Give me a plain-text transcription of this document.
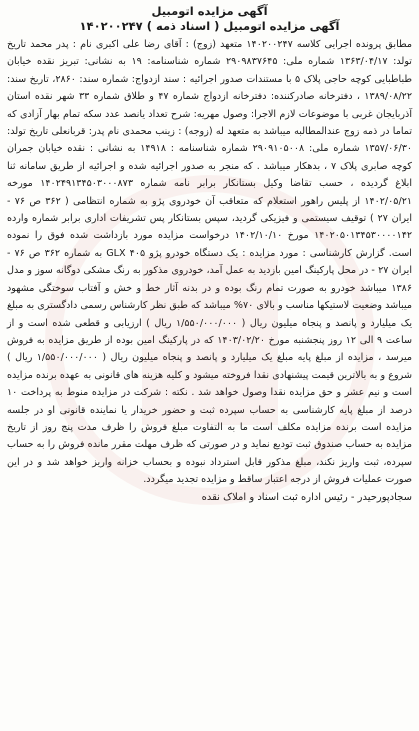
آگهی مزایده اتومبیل

آگهی مزایده اتومبیل ( اسناد ذمه ) ۱۴۰۲۰۰۲۴۷

مطابق پرونده اجرایی کلاسه ۱۴۰۲۰۰۲۴۷ متعهد (زوج) : آقای رضا علی اکبری نام : پدر محمد تاریخ تولد: ۱۳۶۳/۰۴/۱۷ شماره ملی: ۲۹۰۹۸۳۷۶۴۵ شماره شناسنامه: ۱۹ به نشانی: تبریز نقده خیابان طباطبایی کوچه حاجی پلاک ۵ با مستندات صدور اجرائیه : سند ازدواج: شماره سند: ۲۸۶۰، تاریخ سند: ۱۳۸۹/۰۸/۲۲ ، دفترخانه صادرکننده: دفترخانه ازدواج شماره ۴۷ و طلاق شماره ۳۳ شهر نقده استان آذربایجان غربی با موضوعات لازم الاجرا: وصول مهریه: شرح تعداد یانصد عدد سکه تمام بهار آزادی که تماما در ذمه زوج عندالمطالبه میباشد به متعهد له (زوجه) : زینب محمدی نام پدر: قربانعلی تاریخ تولد: ۱۳۵۷/۰۶/۳۰ شماره ملی: ۲۹۰۹۱۰۵۰۰۸ شماره شناسنامه : ۱۴۹۱۸ به نشانی : نقده خیابان جمران کوچه صابری پلاک ۷ ، بدهکار میباشد . که منجر به صدور اجرائیه شده و اجرائیه از طریق سامانه ثنا ابلاغ گردیده ، حسب تقاضا وکیل بستانکار برابر نامه شماره ۱۴۰۲۴۹۱۳۴۵۰۳۰۰۰۸۷۳ مورخه ۱۴۰۲/۰۵/۲۱ از پلیس راهور استعلام که متعاقب آن خودروی پژو به شماره انتظامی ( ۳۶۲ ص ۷۶ - ایران ۲۷ ) توقیف سیستمی و فیزیکی گردید، سپس بستانکار پس تشریفات اداری برابر شماره وارده ۱۴۰۲۰۵۰۱۳۴۵۳۰۰۰۰۱۴۲ مورخ ۱۴۰۲/۱۰/۱۰ درخواست مزایده مورد بازداشت شده فوق را نموده است. گزارش کارشناسی : مورد مزایده : یک دستگاه خودرو پژو ۴۰۵ GLX به شماره ۳۶۲ ص ۷۶ - ایران ۲۷ - در محل پارکینگ امین بازدید به عمل آمد، خودروی مذکور به رنگ مشکی دوگانه سوز و مدل ۱۳۸۶ میباشد خودرو به صورت تمام رنگ بوده و در بدنه آثار خط و خش و آفتاب سوختگی مشهود میباشد وضعیت لاستیکها مناسب و بالای ۷۰% میباشد که طبق نظر کارشناس رسمی دادگستری به مبلغ یک میلیارد و پانصد و پنجاه میلیون ریال ( ۱/۵۵۰/۰۰۰/۰۰۰ ریال ) ارزیابی و قطعی شده است و از ساعت ۹ الی ۱۲ روز پنجشنبه مورخ ۱۴۰۳/۰۲/۲۰ که در پارکینگ امین بوده از طریق مزایده به فروش میرسد ، مزایده از مبلغ پایه مبلغ یک میلیارد و پانصد و پنجاه میلیون ریال ( ۱/۵۵۰/۰۰۰/۰۰۰ ریال ) شروع و به بالاترین قیمت پیشنهادی نقدا فروخته میشود و کلیه هزینه های قانونی به عهده برنده مزایده است و نیم عشر و حق مزایده نقدا وصول خواهد شد . نکته : شرکت در مزایده منوط به پرداخت ۱۰ درصد از مبلغ پایه کارشناسی به حساب سپرده ثبت و حضور خریدار یا نماینده قانونی او در جلسه مزایده است برنده مزایده مکلف است ما به التفاوت مبلغ فروش را ظرف مدت پنج روز از تاریخ مزایده به حساب صندوق ثبت تودیع نماید و در صورتی که ظرف مهلت مقرر مانده فروش را به حساب سپرده، ثبت واریز نکند، مبلغ مذکور قابل استرداد نبوده و بحساب خزانه واریز خواهد شد و در این صورت عملیات فروش از درجه اعتبار ساقط و مزایده تجدید میگردد.
سجادپورحیدر - رئیس اداره ثبت اسناد و املاک نقده
